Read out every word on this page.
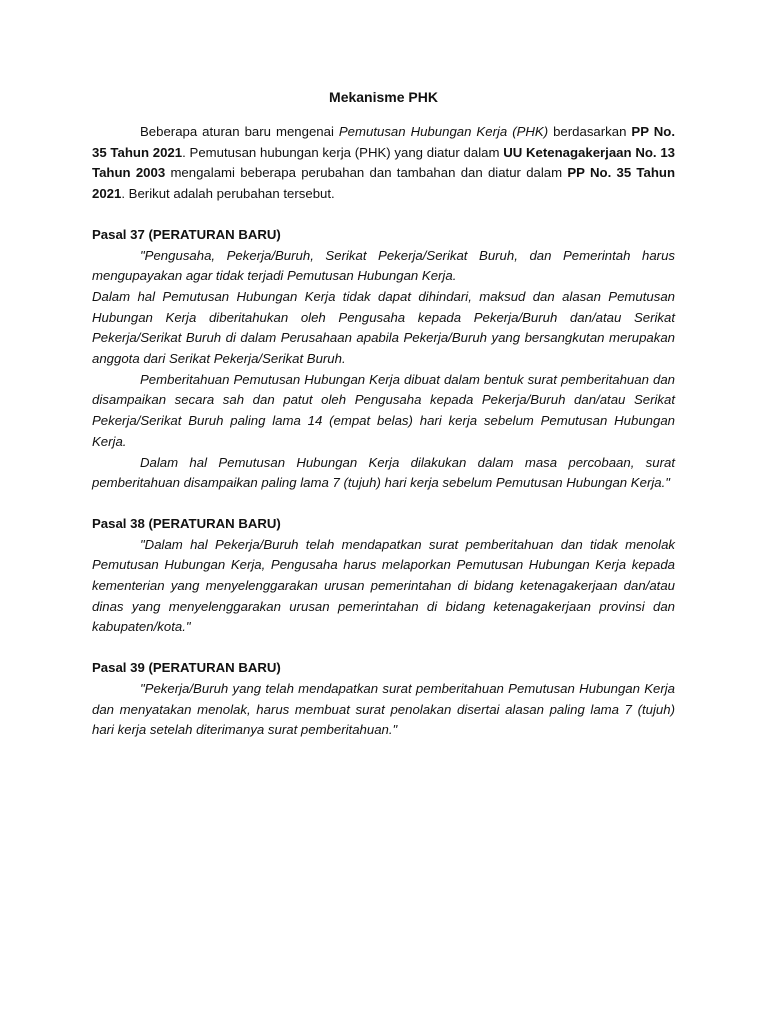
Mekanisme PHK

Beberapa aturan baru mengenai Pemutusan Hubungan Kerja (PHK) berdasarkan PP No. 35 Tahun 2021. Pemutusan hubungan kerja (PHK) yang diatur dalam UU Ketenagakerjaan No. 13 Tahun 2003 mengalami beberapa perubahan dan tambahan dan diatur dalam PP No. 35 Tahun 2021. Berikut adalah perubahan tersebut.

Pasal 37 (PERATURAN BARU)

"Pengusaha, Pekerja/Buruh, Serikat Pekerja/Serikat Buruh, dan Pemerintah harus mengupayakan agar tidak terjadi Pemutusan Hubungan Kerja.

Dalam hal Pemutusan Hubungan Kerja tidak dapat dihindari, maksud dan alasan Pemutusan Hubungan Kerja diberitahukan oleh Pengusaha kepada Pekerja/Buruh dan/atau Serikat Pekerja/Serikat Buruh di dalam Perusahaan apabila Pekerja/Buruh yang bersangkutan merupakan anggota dari Serikat Pekerja/Serikat Buruh.

Pemberitahuan Pemutusan Hubungan Kerja dibuat dalam bentuk surat pemberitahuan dan disampaikan secara sah dan patut oleh Pengusaha kepada Pekerja/Buruh dan/atau Serikat Pekerja/Serikat Buruh paling lama 14 (empat belas) hari kerja sebelum Pemutusan Hubungan Kerja.

Dalam hal Pemutusan Hubungan Kerja dilakukan dalam masa percobaan, surat pemberitahuan disampaikan paling lama 7 (tujuh) hari kerja sebelum Pemutusan Hubungan Kerja."

Pasal 38 (PERATURAN BARU)

"Dalam hal Pekerja/Buruh telah mendapatkan surat pemberitahuan dan tidak menolak Pemutusan Hubungan Kerja, Pengusaha harus melaporkan Pemutusan Hubungan Kerja kepada kementerian yang menyelenggarakan urusan pemerintahan di bidang ketenagakerjaan dan/atau dinas yang menyelenggarakan urusan pemerintahan di bidang ketenagakerjaan provinsi dan kabupaten/kota."

Pasal 39 (PERATURAN BARU)

"Pekerja/Buruh yang telah mendapatkan surat pemberitahuan Pemutusan Hubungan Kerja dan menyatakan menolak, harus membuat surat penolakan disertai alasan paling lama 7 (tujuh) hari kerja setelah diterimanya surat pemberitahuan."
